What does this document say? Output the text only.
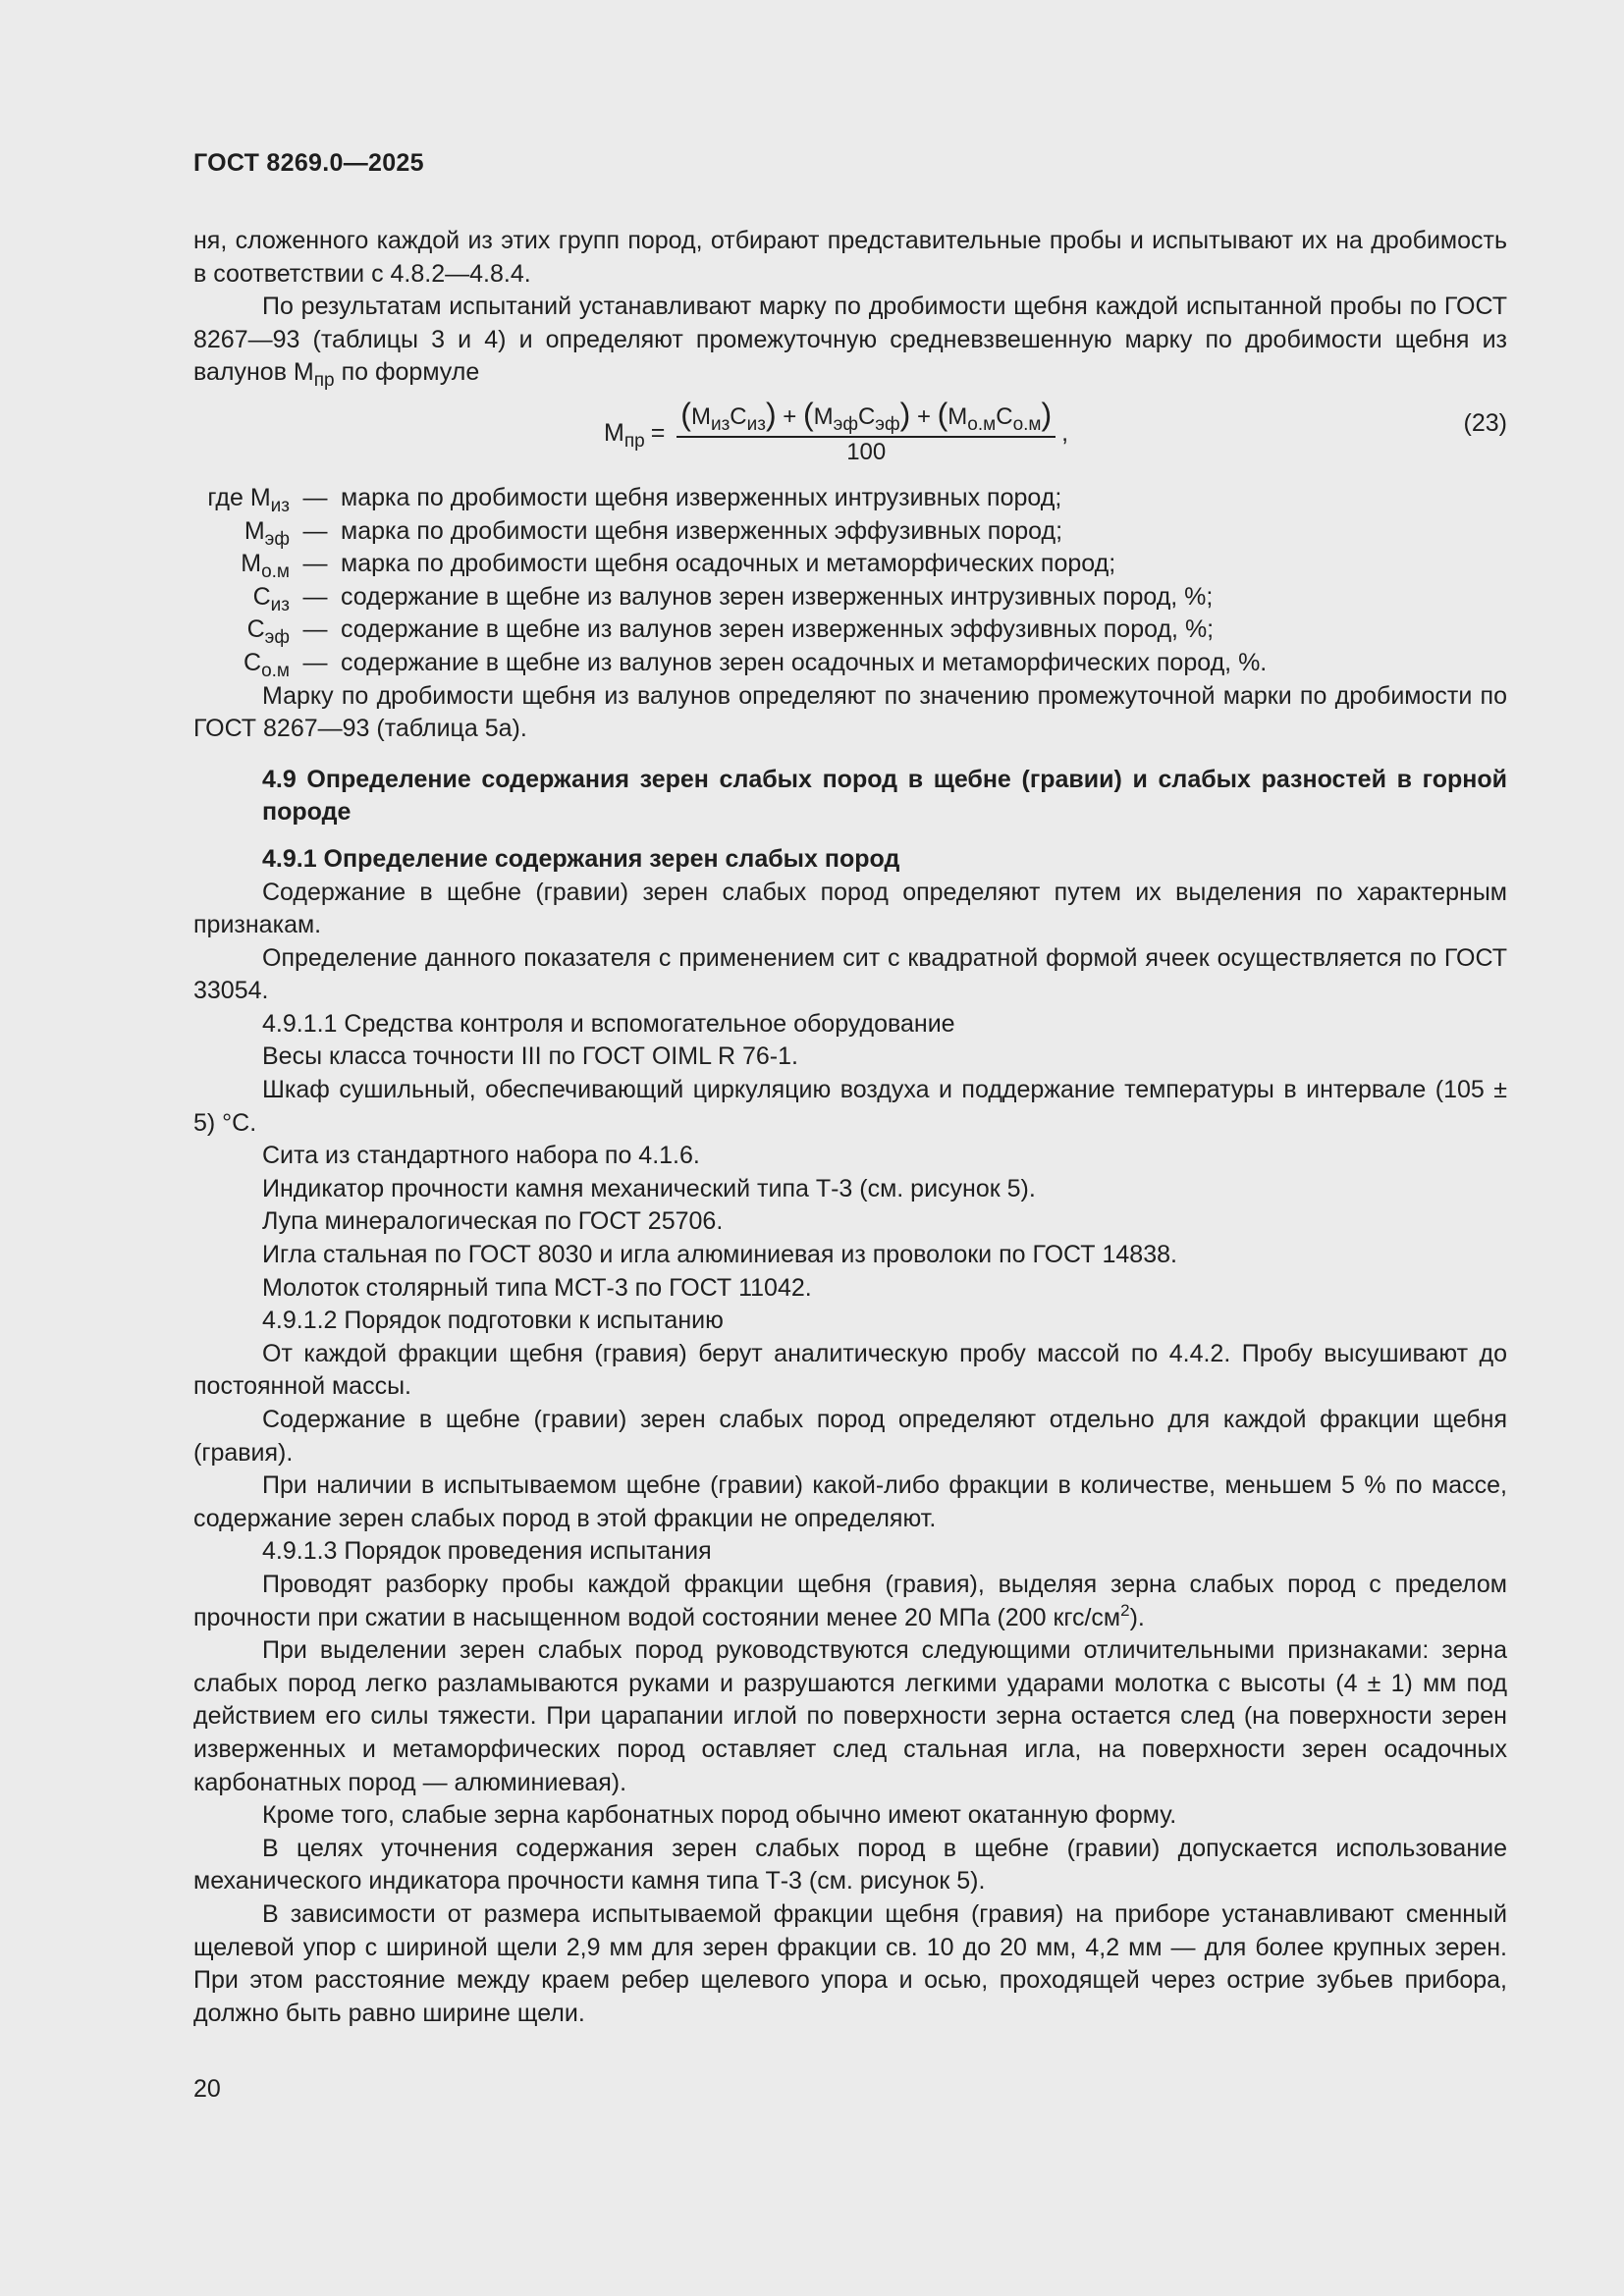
ГОСТ 8269.0—2025

ня, сложенного каждой из этих групп пород, отбирают представительные пробы и испытывают их на дробимость в соответствии с 4.8.2—4.8.4.

По результатам испытаний устанавливают марку по дробимости щебня каждой испытанной пробы по ГОСТ 8267—93 (таблицы 3 и 4) и определяют промежуточную средневзвешенную марку по дробимости щебня из валунов $М_{пр}$ по формуле

$М_{пр}$ =
$(М_{из}С_{из}) + (М_{эф}С_{эф}) + (М_{о.м}С_{о.м})$
100
,	(23)
где $М_{из}$ — марка по дробимости щебня изверженных интрузивных пород;
$М_{эф}$ — марка по дробимости щебня изверженных эффузивных пород;
$М_{о.м}$ — марка по дробимости щебня осадочных и метаморфических пород;
$С_{из}$ — содержание в щебне из валунов зерен изверженных интрузивных пород, %;
$С_{эф}$ — содержание в щебне из валунов зерен изверженных эффузивных пород, %;
$С_{о.м}$ — содержание в щебне из валунов зерен осадочных и метаморфических пород, %.

Марку по дробимости щебня из валунов определяют по значению промежуточной марки по дробимости по ГОСТ 8267—93 (таблица 5а).

4.9 Определение содержания зерен слабых пород в щебне (гравии) и слабых разностей в горной породе

4.9.1 Определение содержания зерен слабых пород

Содержание в щебне (гравии) зерен слабых пород определяют путем их выделения по характерным признакам.

Определение данного показателя с применением сит с квадратной формой ячеек осуществляется по ГОСТ 33054.

4.9.1.1 Средства контроля и вспомогательное оборудование

Весы класса точности III по ГОСТ OIML R 76-1.

Шкаф сушильный, обеспечивающий циркуляцию воздуха и поддержание температуры в интервале (105 ± 5) °С.

Сита из стандартного набора по 4.1.6.

Индикатор прочности камня механический типа Т-3 (см. рисунок 5).

Лупа минералогическая по ГОСТ 25706.

Игла стальная по ГОСТ 8030 и игла алюминиевая из проволоки по ГОСТ 14838.

Молоток столярный типа МСТ-3 по ГОСТ 11042.

4.9.1.2 Порядок подготовки к испытанию

От каждой фракции щебня (гравия) берут аналитическую пробу массой по 4.4.2. Пробу высушивают до постоянной массы.

Содержание в щебне (гравии) зерен слабых пород определяют отдельно для каждой фракции щебня (гравия).

При наличии в испытываемом щебне (гравии) какой-либо фракции в количестве, меньшем 5 % по массе, содержание зерен слабых пород в этой фракции не определяют.

4.9.1.3 Порядок проведения испытания

Проводят разборку пробы каждой фракции щебня (гравия), выделяя зерна слабых пород с пределом прочности при сжатии в насыщенном водой состоянии менее 20 МПа (200 кгс/$см^2$).

При выделении зерен слабых пород руководствуются следующими отличительными признаками: зерна слабых пород легко разламываются руками и разрушаются легкими ударами молотка с высоты (4 ± 1) мм под действием его силы тяжести. При царапании иглой по поверхности зерна остается след (на поверхности зерен изверженных и метаморфических пород оставляет след стальная игла, на поверхности зерен осадочных карбонатных пород — алюминиевая).

Кроме того, слабые зерна карбонатных пород обычно имеют окатанную форму.

В целях уточнения содержания зерен слабых пород в щебне (гравии) допускается использование механического индикатора прочности камня типа Т-3 (см. рисунок 5).

В зависимости от размера испытываемой фракции щебня (гравия) на приборе устанавливают сменный щелевой упор с шириной щели 2,9 мм для зерен фракции св. 10 до 20 мм, 4,2 мм — для более крупных зерен. При этом расстояние между краем ребер щелевого упора и осью, проходящей через острие зубьев прибора, должно быть равно ширине щели.

20
